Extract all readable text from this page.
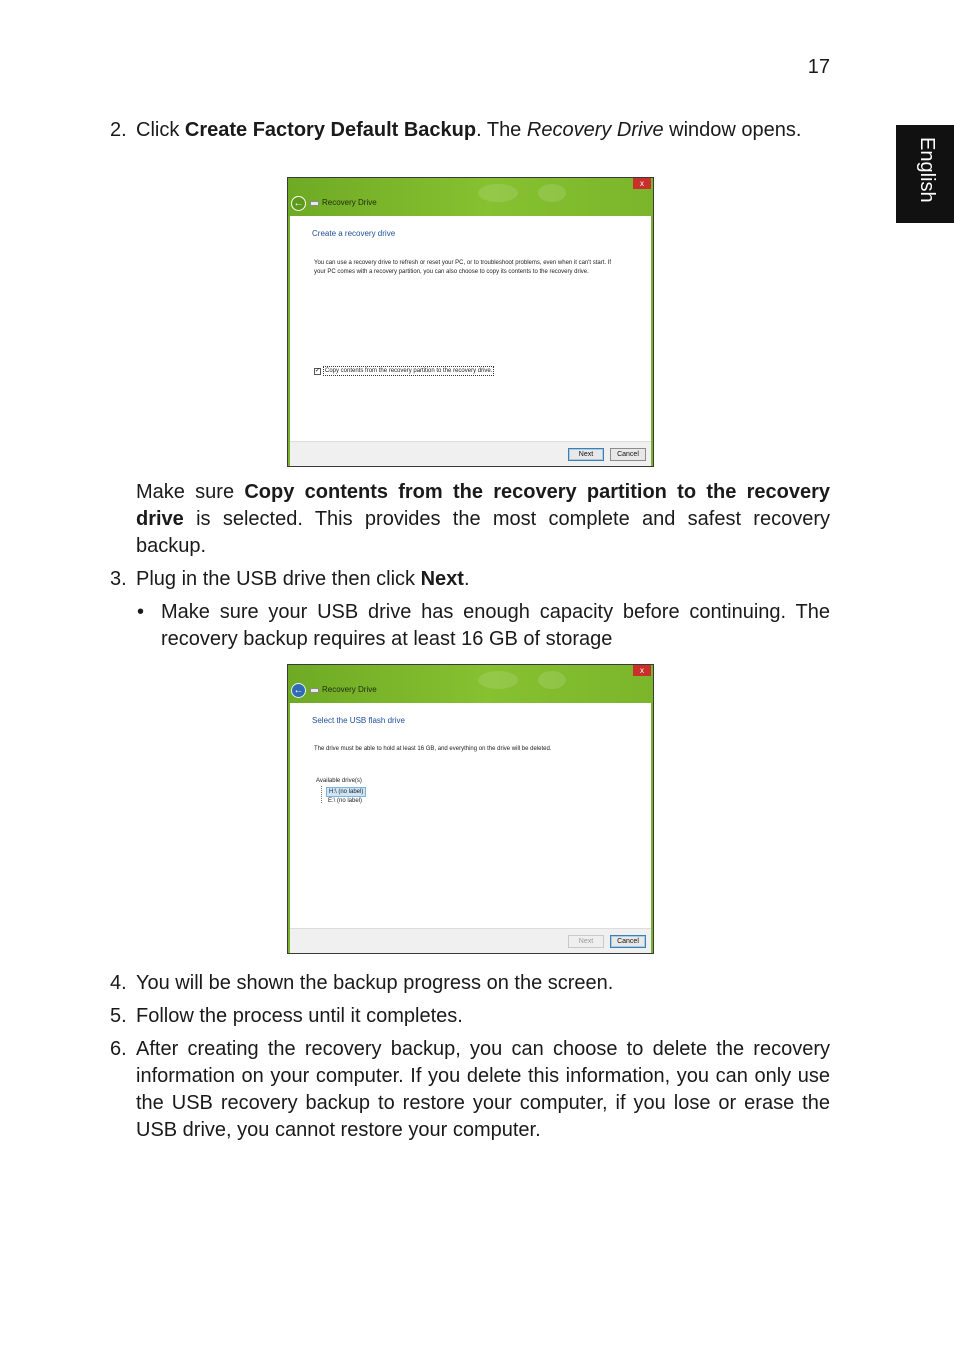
17
English
2. Click Create Factory Default Backup. The Recovery Drive window opens.
x
←	Recovery Drive
Create a recovery drive
You can use a recovery drive to refresh or reset your PC, or to troubleshoot problems, even when it can't start. If your PC comes with a recovery partition, you can also choose to copy its contents to the recovery drive.
✓ Copy contents from the recovery partition to the recovery drive.
Next	Cancel
Make sure Copy contents from the recovery partition to the recovery drive is selected. This provides the most complete and safest recovery backup.
3. Plug in the USB drive then click Next.
• Make sure your USB drive has enough capacity before continuing. The recovery backup requires at least 16 GB of storage
x
←	Recovery Drive
Select the USB flash drive
The drive must be able to hold at least 16 GB, and everything on the drive will be deleted.
Available drive(s)
H:\ (no label)
E:\ (no label)
Next	Cancel
4. You will be shown the backup progress on the screen.
5. Follow the process until it completes.
6. After creating the recovery backup, you can choose to delete the recovery information on your computer. If you delete this information, you can only use the USB recovery backup to restore your computer, if you lose or erase the USB drive, you cannot restore your computer.
